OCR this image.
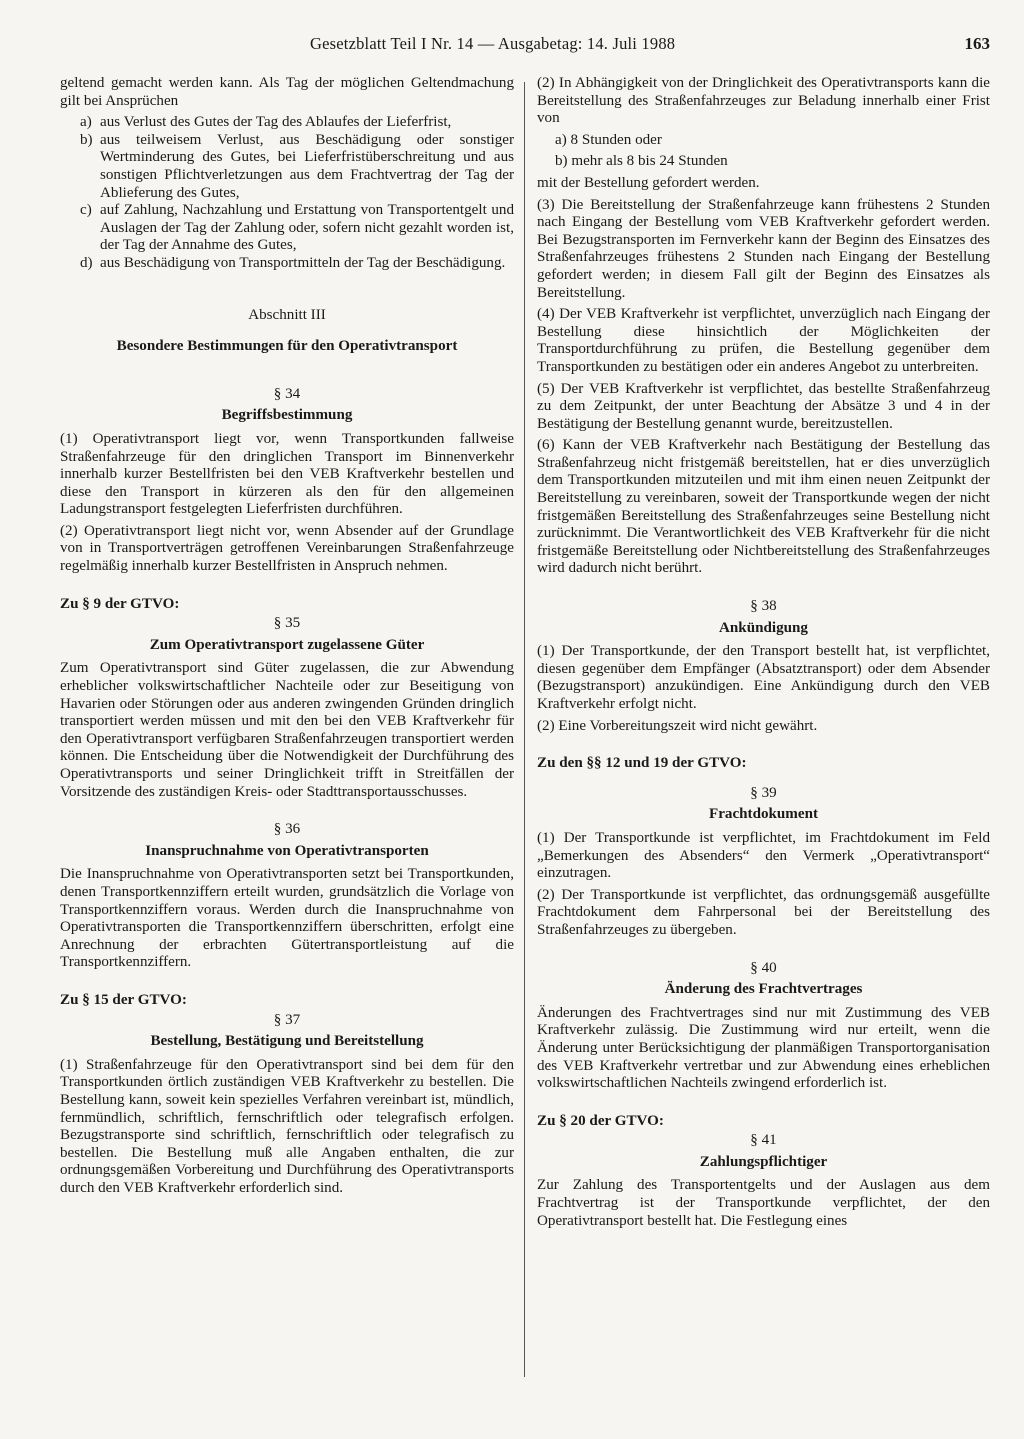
Gesetzblatt Teil I Nr. 14 — Ausgabetag: 14. Juli 1988	163

geltend gemacht werden kann. Als Tag der möglichen Geltendmachung gilt bei Ansprüchen

a) aus Verlust des Gutes der Tag des Ablaufes der Lieferfrist,
b) aus teilweisem Verlust, aus Beschädigung oder sonstiger Wertminderung des Gutes, bei Lieferfristüberschreitung und aus sonstigen Pflichtverletzungen aus dem Frachtvertrag der Tag der Ablieferung des Gutes,
c) auf Zahlung, Nachzahlung und Erstattung von Transportentgelt und Auslagen der Tag der Zahlung oder, sofern nicht gezahlt worden ist, der Tag der Annahme des Gutes,
d) aus Beschädigung von Transportmitteln der Tag der Beschädigung.

Abschnitt III

Besondere Bestimmungen für den Operativtransport

§ 34

Begriffsbestimmung

(1) Operativtransport liegt vor, wenn Transportkunden fallweise Straßenfahrzeuge für den dringlichen Transport im Binnenverkehr innerhalb kurzer Bestellfristen bei den VEB Kraftverkehr bestellen und diese den Transport in kürzeren als den für den allgemeinen Ladungstransport festgelegten Lieferfristen durchführen.

(2) Operativtransport liegt nicht vor, wenn Absender auf der Grundlage von in Transportverträgen getroffenen Vereinbarungen Straßenfahrzeuge regelmäßig innerhalb kurzer Bestellfristen in Anspruch nehmen.

Zu § 9 der GTVO:

§ 35

Zum Operativtransport zugelassene Güter

Zum Operativtransport sind Güter zugelassen, die zur Abwendung erheblicher volkswirtschaftlicher Nachteile oder zur Beseitigung von Havarien oder Störungen oder aus anderen zwingenden Gründen dringlich transportiert werden müssen und mit den bei den VEB Kraftverkehr für den Operativtransport verfügbaren Straßenfahrzeugen transportiert werden können. Die Entscheidung über die Notwendigkeit der Durchführung des Operativtransports und seiner Dringlichkeit trifft in Streitfällen der Vorsitzende des zuständigen Kreis- oder Stadttransportausschusses.

§ 36

Inanspruchnahme von Operativtransporten

Die Inanspruchnahme von Operativtransporten setzt bei Transportkunden, denen Transportkennziffern erteilt wurden, grundsätzlich die Vorlage von Transportkennziffern voraus. Werden durch die Inanspruchnahme von Operativtransporten die Transportkennziffern überschritten, erfolgt eine Anrechnung der erbrachten Gütertransportleistung auf die Transportkennziffern.

Zu § 15 der GTVO:

§ 37

Bestellung, Bestätigung und Bereitstellung

(1) Straßenfahrzeuge für den Operativtransport sind bei dem für den Transportkunden örtlich zuständigen VEB Kraftverkehr zu bestellen. Die Bestellung kann, soweit kein spezielles Verfahren vereinbart ist, mündlich, fernmündlich, schriftlich, fernschriftlich oder telegrafisch erfolgen. Bezugstransporte sind schriftlich, fernschriftlich oder telegrafisch zu bestellen. Die Bestellung muß alle Angaben enthalten, die zur ordnungsgemäßen Vorbereitung und Durchführung des Operativtransports durch den VEB Kraftverkehr erforderlich sind.

(2) In Abhängigkeit von der Dringlichkeit des Operativtransports kann die Bereitstellung des Straßenfahrzeuges zur Beladung innerhalb einer Frist von

a) 8 Stunden oder

b) mehr als 8 bis 24 Stunden

mit der Bestellung gefordert werden.

(3) Die Bereitstellung der Straßenfahrzeuge kann frühestens 2 Stunden nach Eingang der Bestellung vom VEB Kraftverkehr gefordert werden. Bei Bezugstransporten im Fernverkehr kann der Beginn des Einsatzes des Straßenfahrzeuges frühestens 2 Stunden nach Eingang der Bestellung gefordert werden; in diesem Fall gilt der Beginn des Einsatzes als Bereitstellung.

(4) Der VEB Kraftverkehr ist verpflichtet, unverzüglich nach Eingang der Bestellung diese hinsichtlich der Möglichkeiten der Transportdurchführung zu prüfen, die Bestellung gegenüber dem Transportkunden zu bestätigen oder ein anderes Angebot zu unterbreiten.

(5) Der VEB Kraftverkehr ist verpflichtet, das bestellte Straßenfahrzeug zu dem Zeitpunkt, der unter Beachtung der Absätze 3 und 4 in der Bestätigung der Bestellung genannt wurde, bereitzustellen.

(6) Kann der VEB Kraftverkehr nach Bestätigung der Bestellung das Straßenfahrzeug nicht fristgemäß bereitstellen, hat er dies unverzüglich dem Transportkunden mitzuteilen und mit ihm einen neuen Zeitpunkt der Bereitstellung zu vereinbaren, soweit der Transportkunde wegen der nicht fristgemäßen Bereitstellung des Straßenfahrzeuges seine Bestellung nicht zurücknimmt. Die Verantwortlichkeit des VEB Kraftverkehr für die nicht fristgemäße Bereitstellung oder Nichtbereitstellung des Straßenfahrzeuges wird dadurch nicht berührt.

§ 38

Ankündigung

(1) Der Transportkunde, der den Transport bestellt hat, ist verpflichtet, diesen gegenüber dem Empfänger (Absatztransport) oder dem Absender (Bezugstransport) anzukündigen. Eine Ankündigung durch den VEB Kraftverkehr erfolgt nicht.

(2) Eine Vorbereitungszeit wird nicht gewährt.

Zu den §§ 12 und 19 der GTVO:

§ 39

Frachtdokument

(1) Der Transportkunde ist verpflichtet, im Frachtdokument im Feld „Bemerkungen des Absenders“ den Vermerk „Operativtransport“ einzutragen.

(2) Der Transportkunde ist verpflichtet, das ordnungsgemäß ausgefüllte Frachtdokument dem Fahrpersonal bei der Bereitstellung des Straßenfahrzeuges zu übergeben.

§ 40

Änderung des Frachtvertrages

Änderungen des Frachtvertrages sind nur mit Zustimmung des VEB Kraftverkehr zulässig. Die Zustimmung wird nur erteilt, wenn die Änderung unter Berücksichtigung der planmäßigen Transportorganisation des VEB Kraftverkehr vertretbar und zur Abwendung eines erheblichen volkswirtschaftlichen Nachteils zwingend erforderlich ist.

Zu § 20 der GTVO:

§ 41

Zahlungspflichtiger

Zur Zahlung des Transportentgelts und der Auslagen aus dem Frachtvertrag ist der Transportkunde verpflichtet, der den Operativtransport bestellt hat. Die Festlegung eines
